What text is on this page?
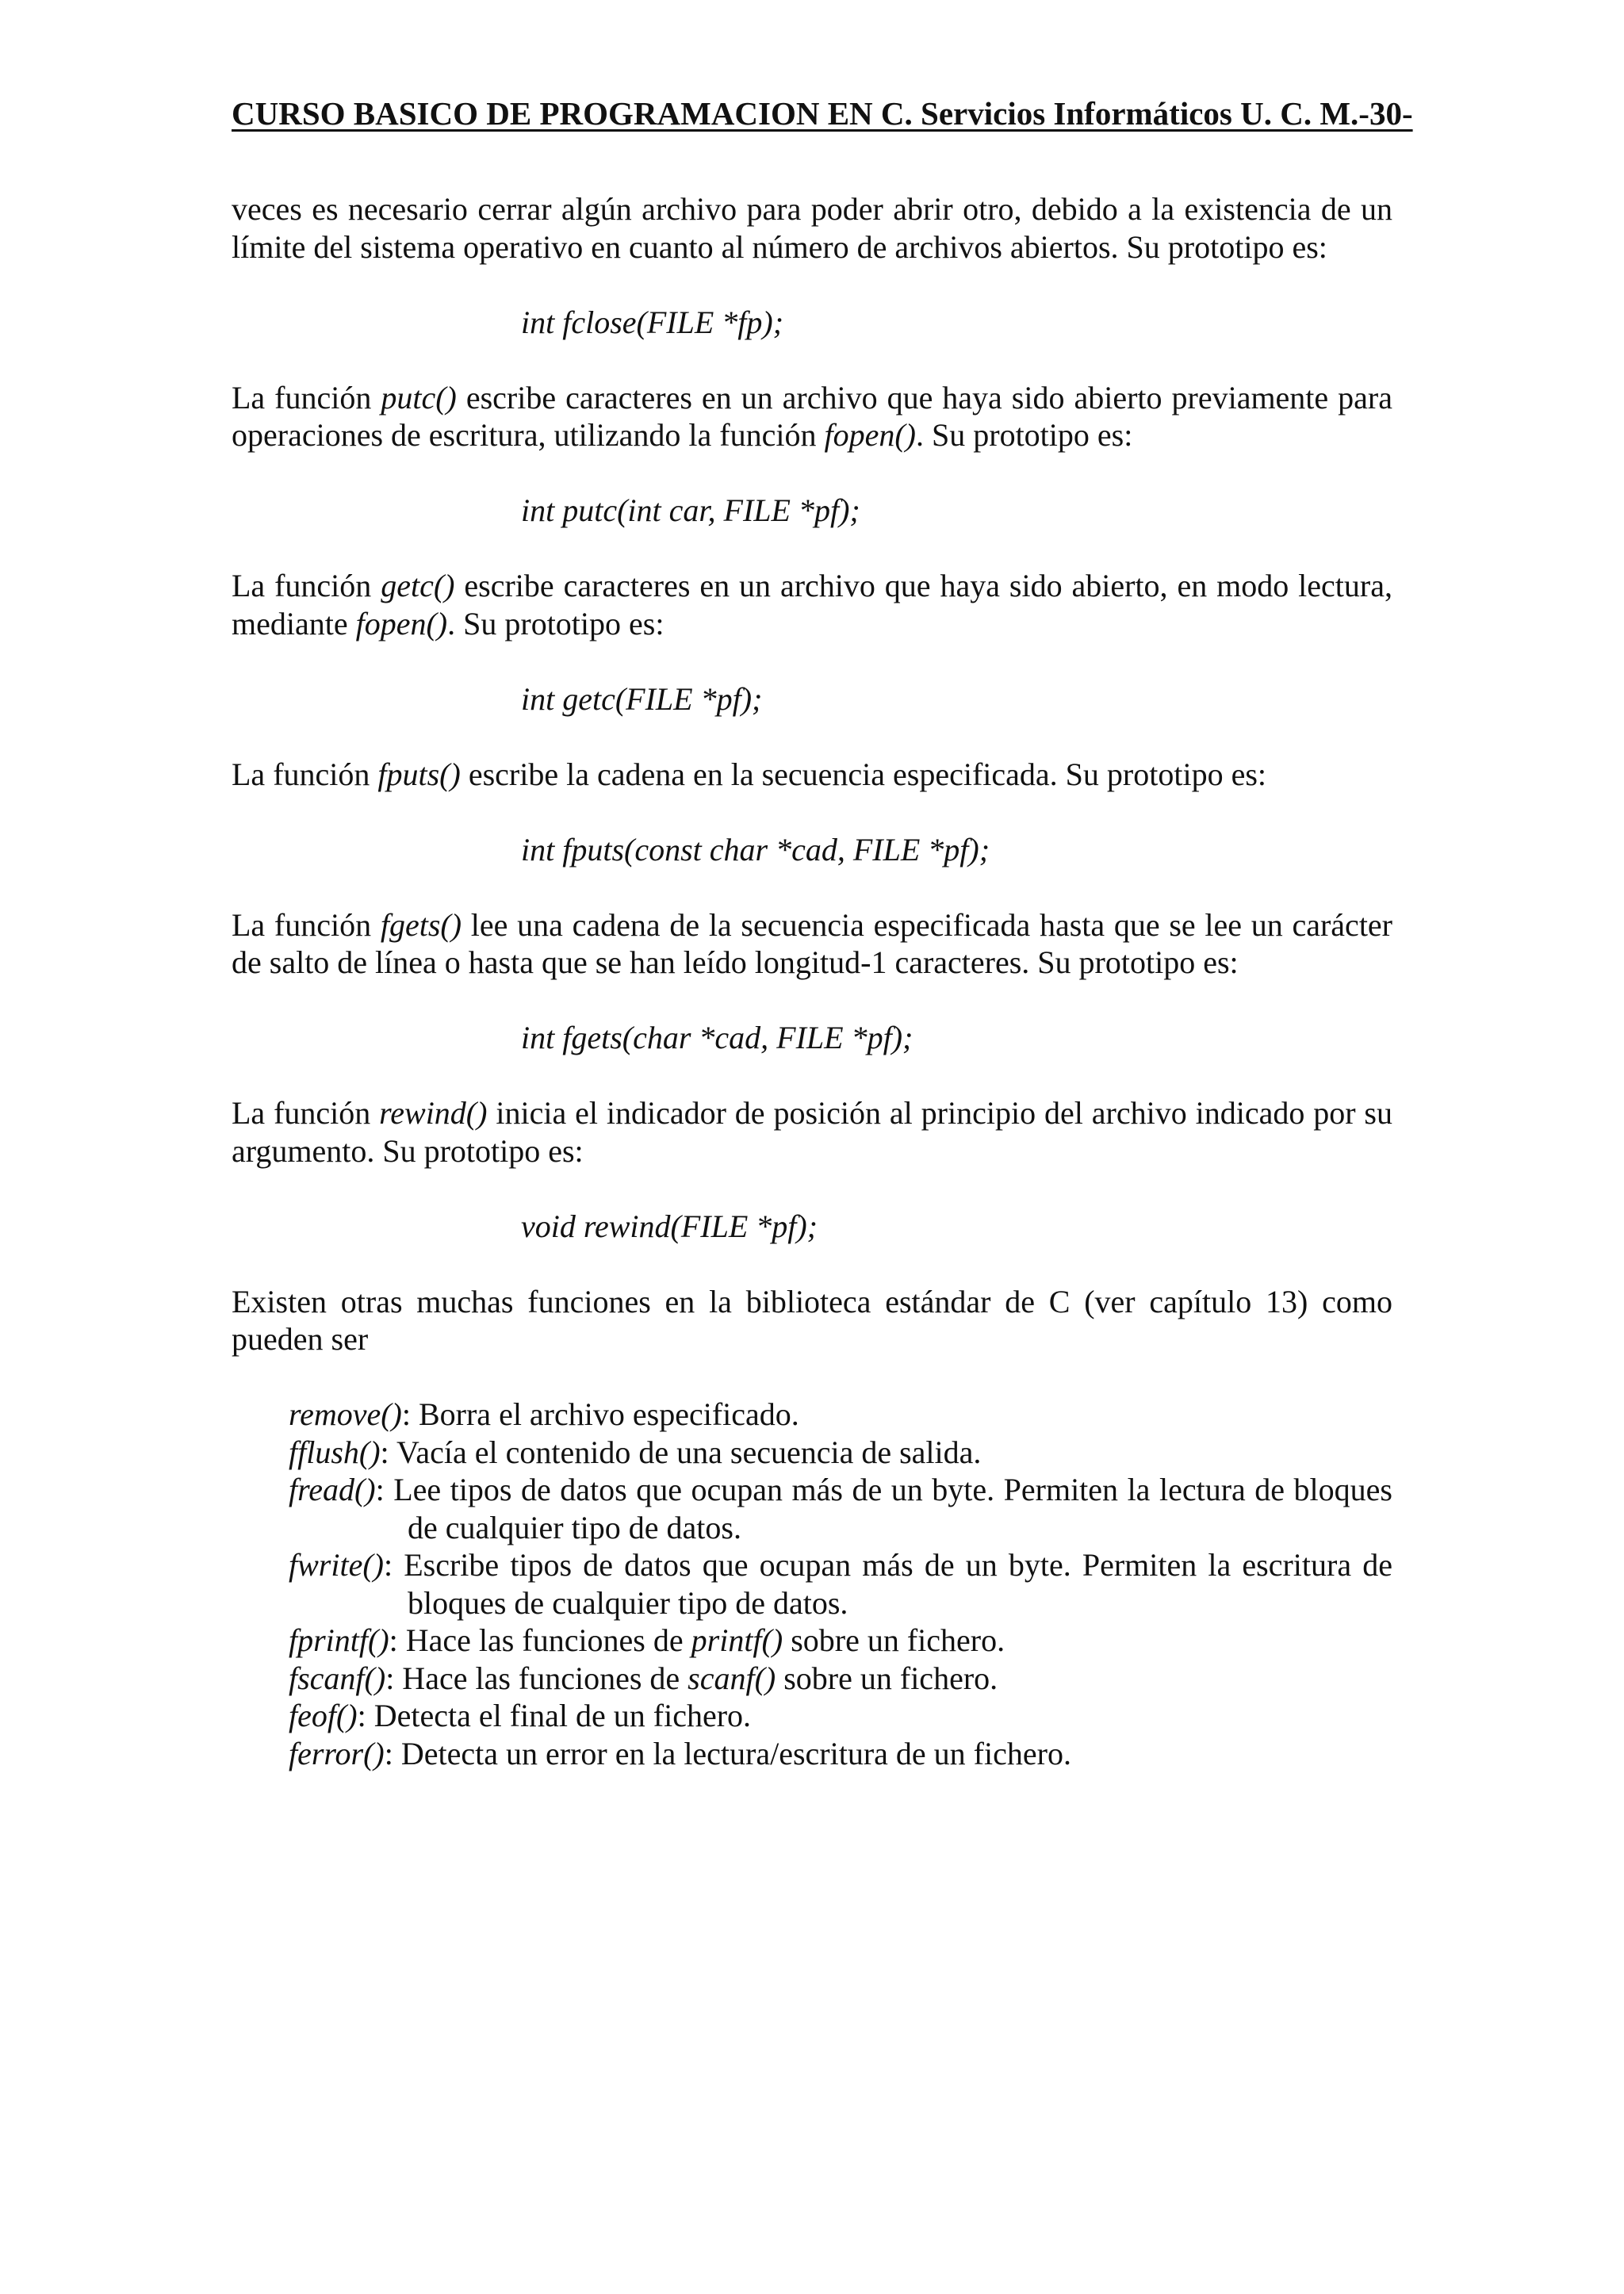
CURSO BASICO DE PROGRAMACION EN C. Servicios Informáticos U. C. M.-30-

veces es necesario cerrar algún archivo para poder abrir otro, debido a la existencia de un límite del sistema operativo en cuanto al número de archivos abiertos. Su prototipo es:

int fclose(FILE *fp);

La función putc() escribe caracteres en un archivo que haya sido abierto previamente para operaciones de escritura, utilizando la función fopen(). Su prototipo es:

int putc(int car, FILE *pf);

La función getc() escribe caracteres en un archivo que haya sido abierto, en modo lectura, mediante fopen(). Su prototipo es:

int getc(FILE *pf);

La función fputs() escribe la cadena en la secuencia especificada. Su prototipo es:

int fputs(const char *cad, FILE *pf);

La función fgets() lee una cadena de la secuencia especificada hasta que se lee un carácter de salto de línea o hasta que se han leído longitud-1 caracteres. Su prototipo es:

int fgets(char *cad, FILE *pf);

La función rewind() inicia el indicador de posición al principio del archivo indicado por su argumento. Su prototipo es:

void rewind(FILE *pf);

Existen otras muchas funciones en la biblioteca estándar de C (ver capítulo 13) como pueden ser

remove(): Borra el archivo especificado.

fflush(): Vacía el contenido de una secuencia de salida.

fread(): Lee tipos de datos que ocupan más de un byte. Permiten la lectura de bloques de cualquier tipo de datos.

fwrite(): Escribe tipos de datos que ocupan más de un byte. Permiten la escritura de bloques de cualquier tipo de datos.

fprintf(): Hace las funciones de printf() sobre un fichero.

fscanf(): Hace las funciones de scanf() sobre un fichero.

feof(): Detecta el final de un fichero.

ferror(): Detecta un error en la lectura/escritura de un fichero.
